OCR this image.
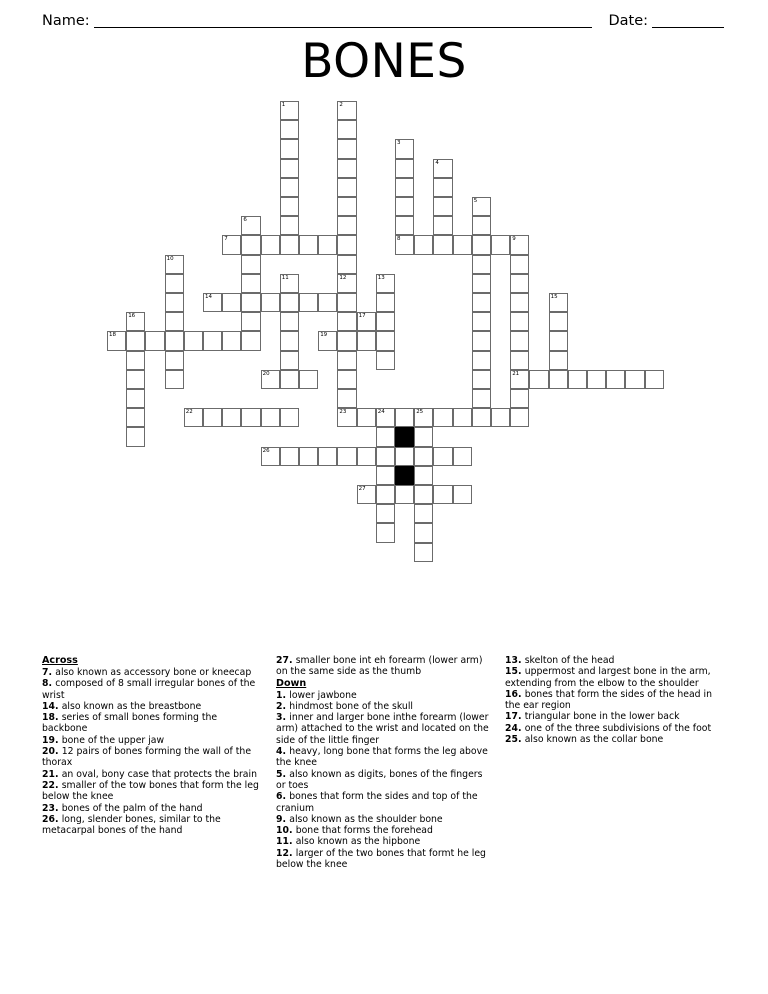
Name:	Date:
BONES
1	2
3
4
5
6
7	8	9
10
11	12	13
14	15
16	17
18	19
20	21
22	23	24	25
26
27
Across

7. also known as accessory bone or kneecap

8. composed of 8 small irregular bones of the wrist

14. also known as the breastbone

18. series of small bones forming the backbone

19. bone of the upper jaw

20. 12 pairs of bones forming the wall of the thorax

21. an oval, bony case that protects the brain

22. smaller of the tow bones that form the leg below the knee

23. bones of the palm of the hand

26. long, slender bones, similar to the metacarpal bones of the hand

27. smaller bone int eh forearm (lower arm) on the same side as the thumb

Down

1. lower jawbone

2. hindmost bone of the skull

3. inner and larger bone inthe forearm (lower arm) attached to the wrist and located on the side of the little finger

4. heavy, long bone that forms the leg above the knee

5. also known as digits, bones of the fingers or toes

6. bones that form the sides and top of the cranium

9. also known as the shoulder bone

10. bone that forms the forehead

11. also known as the hipbone

12. larger of the two bones that formt he leg below the knee

13. skelton of the head

15. uppermost and largest bone in the arm, extending from the elbow to the shoulder

16. bones that form the sides of the head in the ear region

17. triangular bone in the lower back

24. one of the three subdivisions of the foot

25. also known as the collar bone
